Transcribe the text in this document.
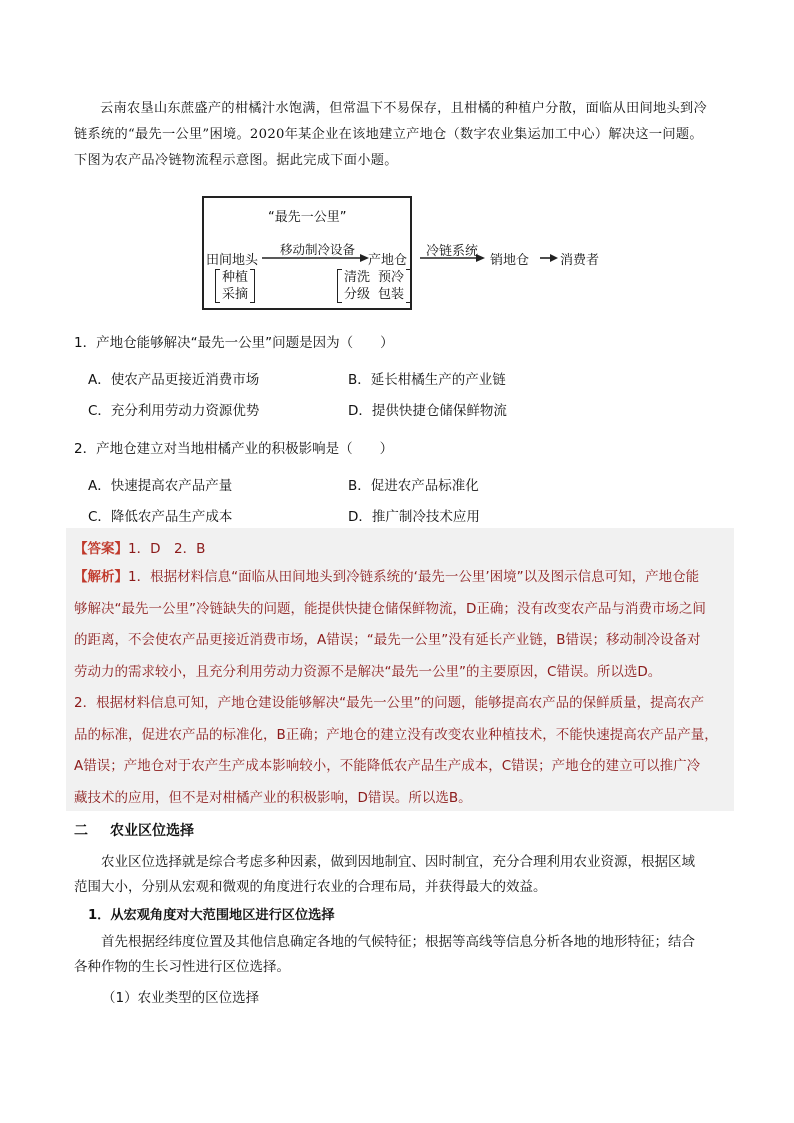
云南农垦山东蔗盛产的柑橘汁水饱满，但常温下不易保存，且柑橘的种植户分散，面临从田间地头到冷

链系统的“最先一公里”困境。2020年某企业在该地建立产地仓（数字农业集运加工中心）解决这一问题。
下图为农产品冷链物流程示意图。据此完成下面小题。
“最先一公里”
田间地头
移动制冷设备
产地仓
冷链系统
销地仓 消费者
种植
采摘
清洗
分级
预冷
包装
1．产地仓能够解决“最先一公里”问题是因为（　　）
A．使农产品更接近消费市场	B．延长柑橘生产的产业链
C．充分利用劳动力资源优势	D．提供快捷仓储保鲜物流
2．产地仓建立对当地柑橘产业的积极影响是（　　）
A．快速提高农产品产量	B．促进农产品标准化
C．降低农产品生产成本	D．推广制冷技术应用
【答案】1．D　2．B

【解析】1．根据材料信息“面临从田间地头到冷链系统的‘最先一公里’困境”以及图示信息可知，产地仓能

够解决“最先一公里”冷链缺失的问题，能提供快捷仓储保鲜物流，D正确；没有改变农产品与消费市场之间

的距离，不会使农产品更接近消费市场，A错误；“最先一公里”没有延长产业链，B错误；移动制冷设备对

劳动力的需求较小，且充分利用劳动力资源不是解决“最先一公里”的主要原因，C错误。所以选D。

2．根据材料信息可知，产地仓建设能够解决“最先一公里”的问题，能够提高农产品的保鲜质量，提高农产

品的标准，促进农产品的标准化，B正确；产地仓的建立没有改变农业种植技术，不能快速提高农产品产量，

A错误；产地仓对于农产生产成本影响较小，不能降低农产品生产成本，C错误；产地仓的建立可以推广冷

藏技术的应用，但不是对柑橘产业的积极影响，D错误。所以选B。

二 农业区位选择

农业区位选择就是综合考虑多种因素，做到因地制宜、因时制宜，充分合理利用农业资源，根据区域

范围大小，分别从宏观和微观的角度进行农业的合理布局，并获得最大的效益。
1．从宏观角度对大范围地区进行区位选择

首先根据经纬度位置及其他信息确定各地的气候特征；根据等高线等信息分析各地的地形特征；结合

各种作物的生长习性进行区位选择。
（1）农业类型的区位选择
